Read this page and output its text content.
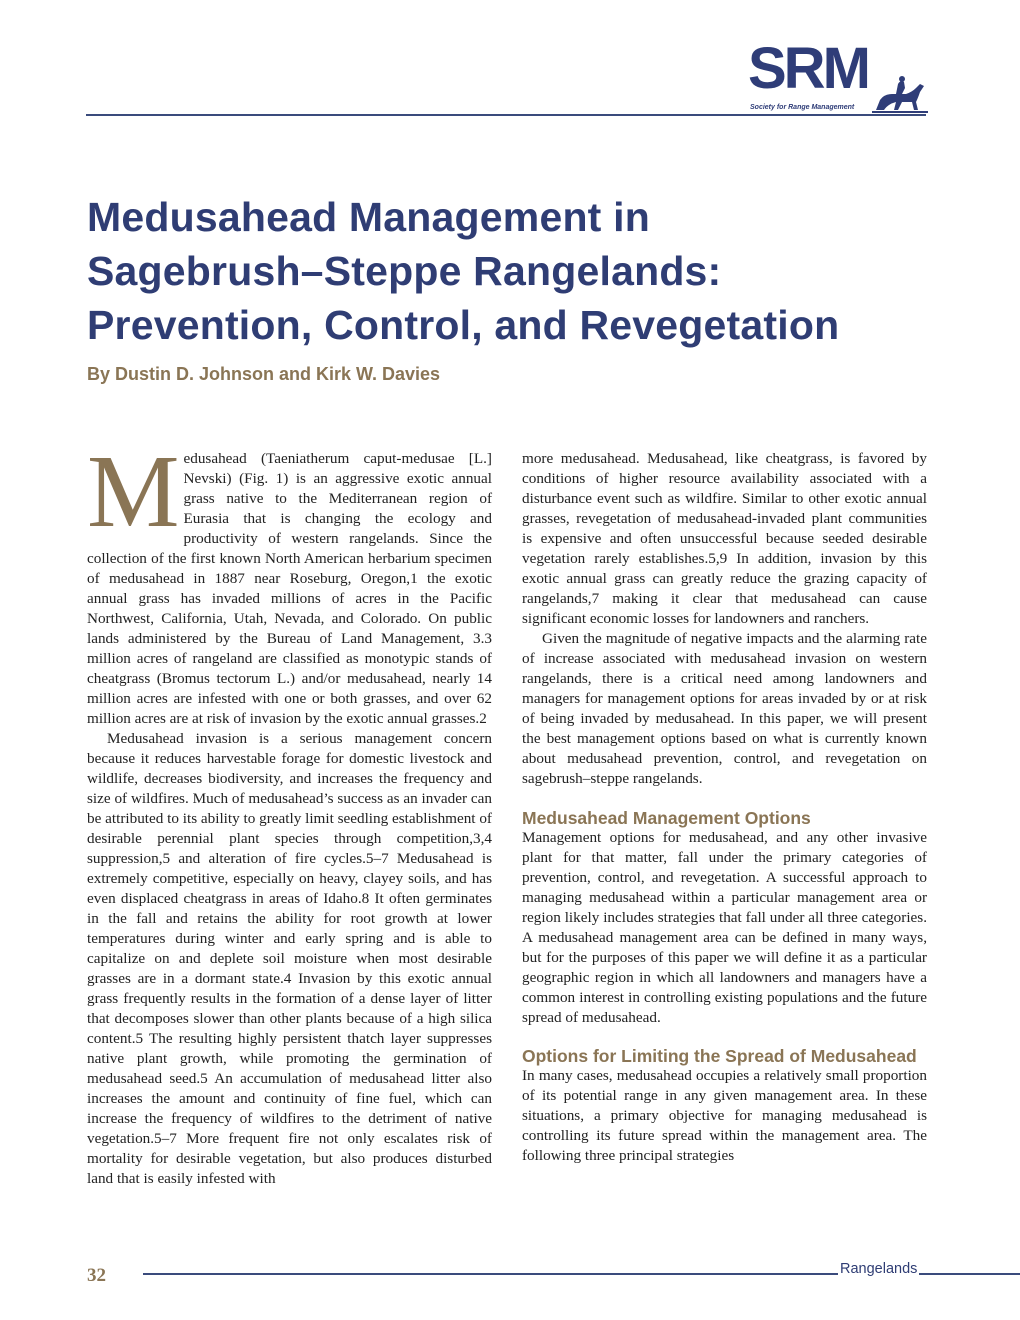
SRM
Society for Range Management
Medusahead Management in
Sagebrush–Steppe Rangelands:
Prevention, Control, and Revegetation
By Dustin D. Johnson and Kirk W. Davies

Medusahead (Taeniatherum caput-medusae [L.] Nevski) (Fig. 1) is an aggressive exotic annual grass native to the Mediterranean region of Eurasia that is changing the ecology and productivity of western rangelands. Since the collection of the first known North American herbarium specimen of medusahead in 1887 near Roseburg, Oregon,1 the exotic annual grass has invaded millions of acres in the Pacific Northwest, California, Utah, Nevada, and Colorado. On public lands administered by the Bureau of Land Management, 3.3 million acres of rangeland are classified as monotypic stands of cheatgrass (Bromus tectorum L.) and/or medusahead, nearly 14 million acres are infested with one or both grasses, and over 62 million acres are at risk of invasion by the exotic annual grasses.2

Medusahead invasion is a serious management concern because it reduces harvestable forage for domestic livestock and wildlife, decreases biodiversity, and increases the frequency and size of wildfires. Much of medusahead’s success as an invader can be attributed to its ability to greatly limit seedling establishment of desirable perennial plant species through competition,3,4 suppression,5 and alteration of fire cycles.5–7 Medusahead is extremely competitive, especially on heavy, clayey soils, and has even displaced cheatgrass in areas of Idaho.8 It often germinates in the fall and retains the ability for root growth at lower temperatures during winter and early spring and is able to capitalize on and deplete soil moisture when most desirable grasses are in a dormant state.4 Invasion by this exotic annual grass frequently results in the formation of a dense layer of litter that decomposes slower than other plants because of a high silica content.5 The resulting highly persistent thatch layer suppresses native plant growth, while promoting the germination of medusahead seed.5 An accumulation of medusahead litter also increases the amount and continuity of fine fuel, which can increase the frequency of wildfires to the detriment of native vegetation.5–7 More frequent fire not only escalates risk of mortality for desirable vegetation, but also produces disturbed land that is easily infested with

more medusahead. Medusahead, like cheatgrass, is favored by conditions of higher resource availability associated with a disturbance event such as wildfire. Similar to other exotic annual grasses, revegetation of medusahead-invaded plant communities is expensive and often unsuccessful because seeded desirable vegetation rarely establishes.5,9 In addition, invasion by this exotic annual grass can greatly reduce the grazing capacity of rangelands,7 making it clear that medusahead can cause significant economic losses for landowners and ranchers.

Given the magnitude of negative impacts and the alarming rate of increase associated with medusahead invasion on western rangelands, there is a critical need among landowners and managers for management options for areas invaded by or at risk of being invaded by medusahead. In this paper, we will present the best management options based on what is currently known about medusahead prevention, control, and revegetation on sagebrush–steppe rangelands.

Medusahead Management Options

Management options for medusahead, and any other invasive plant for that matter, fall under the primary categories of prevention, control, and revegetation. A successful approach to managing medusahead within a particular management area or region likely includes strategies that fall under all three categories. A medusahead management area can be defined in many ways, but for the purposes of this paper we will define it as a particular geographic region in which all landowners and managers have a common interest in controlling existing populations and the future spread of medusahead.

Options for Limiting the Spread of Medusahead

In many cases, medusahead occupies a relatively small proportion of its potential range in any given management area. In these situations, a primary objective for managing medusahead is controlling its future spread within the management area. The following three principal strategies

32	Rangelands
